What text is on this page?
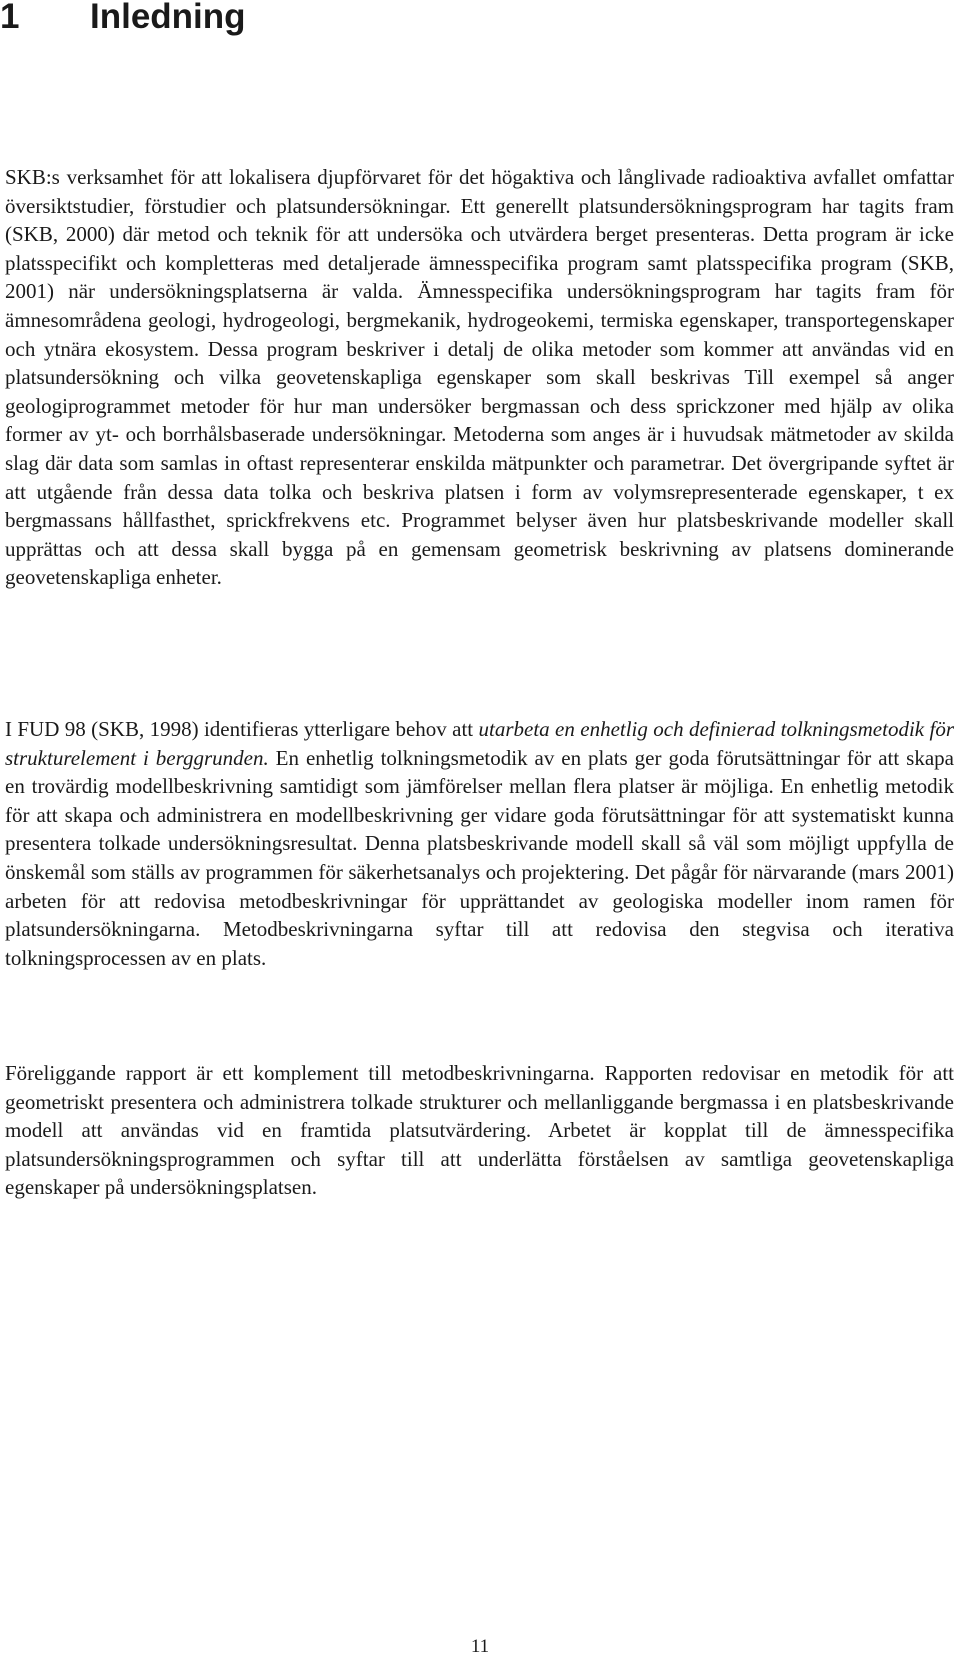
1 Inledning

SKB:s verksamhet för att lokalisera djupförvaret för det högaktiva och långlivade radioaktiva avfallet omfattar översiktstudier, förstudier och platsundersökningar. Ett generellt platsundersökningsprogram har tagits fram (SKB, 2000) där metod och teknik för att undersöka och utvärdera berget presenteras. Detta program är icke platsspecifikt och kompletteras med detaljerade ämnesspecifika program samt platsspecifika program (SKB, 2001) när undersökningsplatserna är valda. Ämnesspecifika undersökningsprogram har tagits fram för ämnesområdena geologi, hydrogeologi, bergmekanik, hydrogeokemi, termiska egenskaper, transportegenskaper och ytnära ekosystem. Dessa program beskriver i detalj de olika metoder som kommer att användas vid en platsundersökning och vilka geovetenskapliga egenskaper som skall beskrivas Till exempel så anger geologiprogrammet metoder för hur man undersöker bergmassan och dess sprickzoner med hjälp av olika former av yt- och borrhålsbaserade undersökningar. Metoderna som anges är i huvudsak mätmetoder av skilda slag där data som samlas in oftast representerar enskilda mätpunkter och parametrar. Det övergripande syftet är att utgående från dessa data tolka och beskriva platsen i form av volymsrepresenterade egenskaper, t ex bergmassans hållfasthet, sprickfrekvens etc. Programmet belyser även hur platsbeskrivande modeller skall upprättas och att dessa skall bygga på en gemensam geometrisk beskrivning av platsens dominerande geovetenskapliga enheter.

I FUD 98 (SKB, 1998) identifieras ytterligare behov att utarbeta en enhetlig och definierad tolkningsmetodik för strukturelement i berggrunden. En enhetlig tolkningsmetodik av en plats ger goda förutsättningar för att skapa en trovärdig modellbeskrivning samtidigt som jämförelser mellan flera platser är möjliga. En enhetlig metodik för att skapa och administrera en modellbeskrivning ger vidare goda förutsättningar för att systematiskt kunna presentera tolkade undersökningsresultat. Denna platsbeskrivande modell skall så väl som möjligt uppfylla de önskemål som ställs av programmen för säkerhetsanalys och projektering. Det pågår för närvarande (mars 2001) arbeten för att redovisa metodbeskrivningar för upprättandet av geologiska modeller inom ramen för platsundersökningarna. Metodbeskrivningarna syftar till att redovisa den stegvisa och iterativa tolkningsprocessen av en plats.

Föreliggande rapport är ett komplement till metodbeskrivningarna. Rapporten redovisar en metodik för att geometriskt presentera och administrera tolkade strukturer och mellanliggande bergmassa i en platsbeskrivande modell att användas vid en framtida platsutvärdering. Arbetet är kopplat till de ämnesspecifika platsundersökningsprogrammen och syftar till att underlätta förståelsen av samtliga geovetenskapliga egenskaper på undersökningsplatsen.

11
